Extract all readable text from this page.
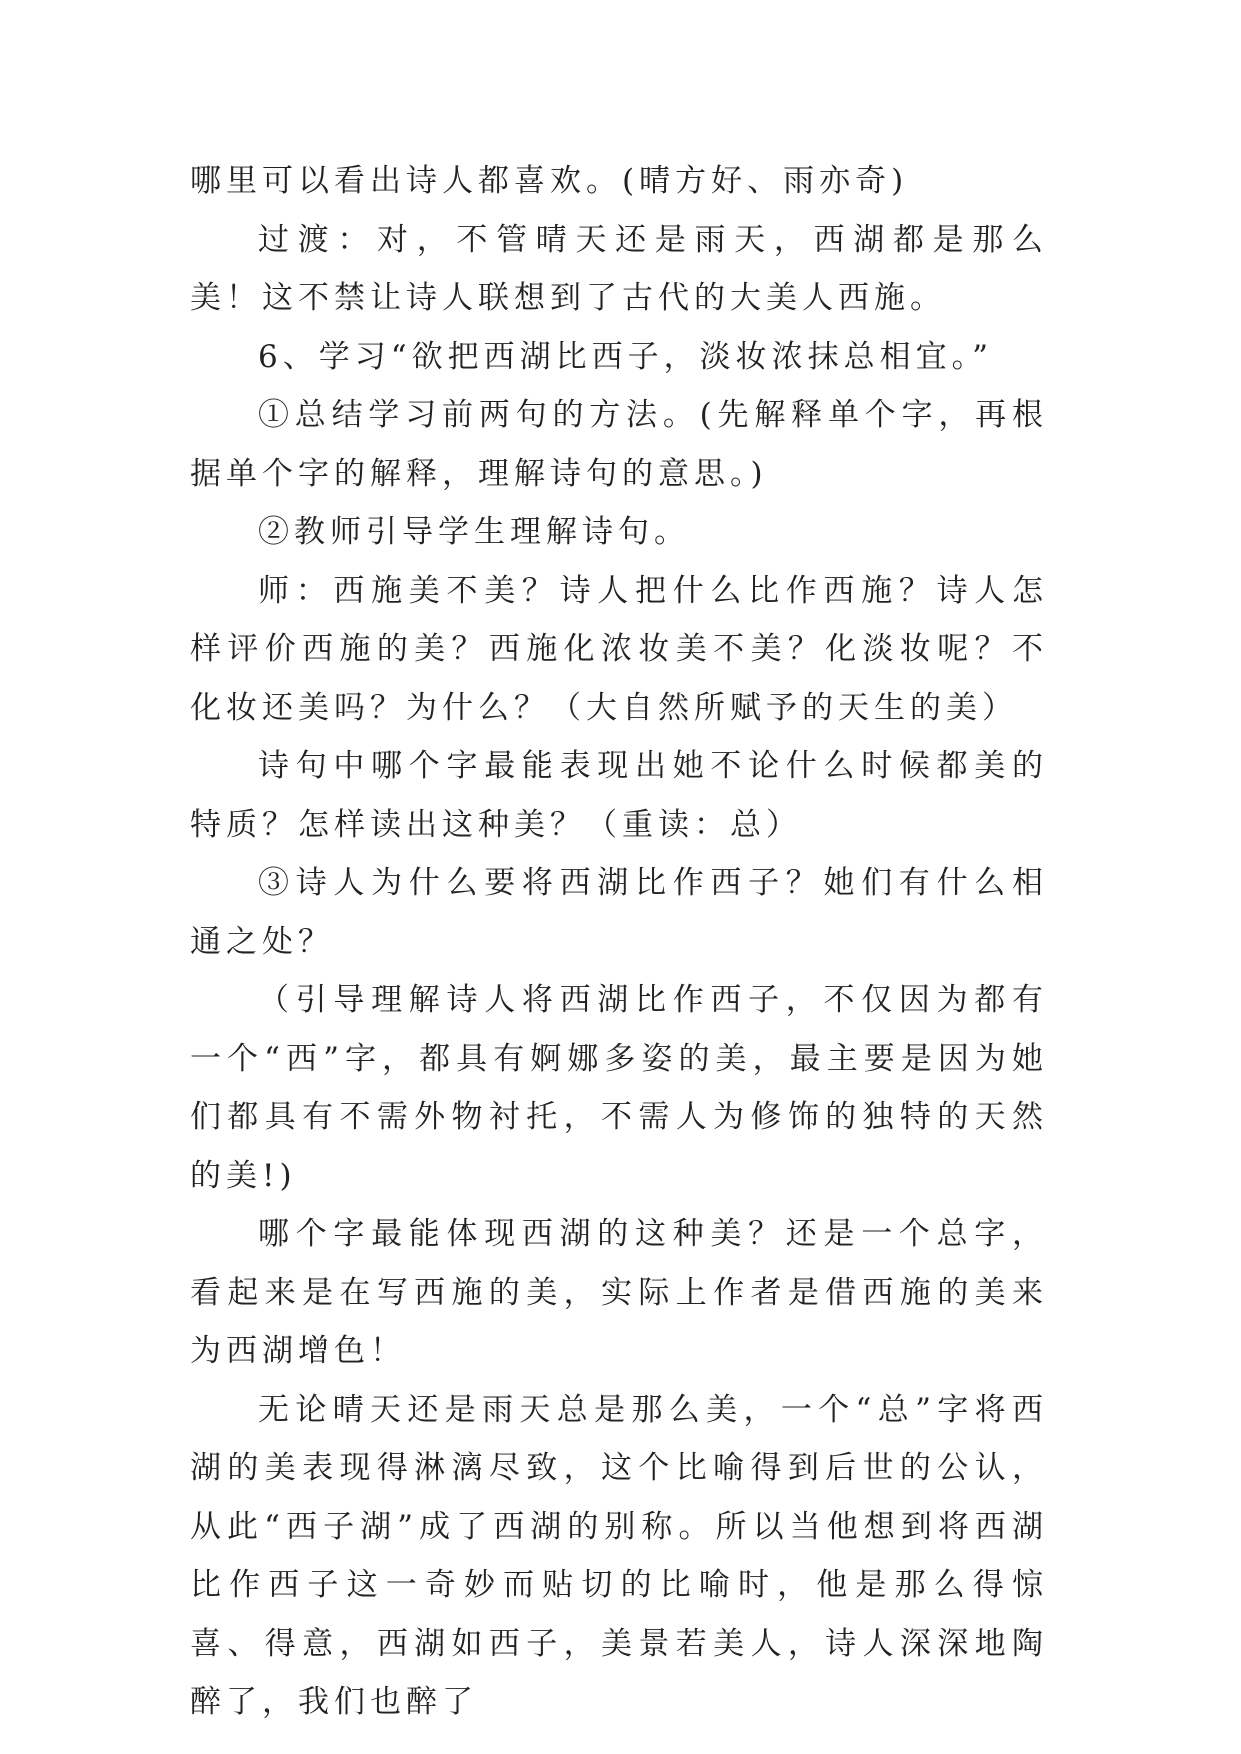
哪里可以看出诗人都喜欢。(晴方好、雨亦奇)

过渡：对，不管晴天还是雨天，西湖都是那么美！这不禁让诗人联想到了古代的大美人西施。

6、学习“欲把西湖比西子，淡妆浓抹总相宜。”

①总结学习前两句的方法。(先解释单个字，再根据单个字的解释，理解诗句的意思。)

②教师引导学生理解诗句。

师：西施美不美？诗人把什么比作西施？诗人怎样评价西施的美？西施化浓妆美不美？化淡妆呢？不化妆还美吗？为什么？（大自然所赋予的天生的美）

诗句中哪个字最能表现出她不论什么时候都美的特质？怎样读出这种美？（重读：总）

③诗人为什么要将西湖比作西子？她们有什么相通之处？

（引导理解诗人将西湖比作西子，不仅因为都有一个“西”字，都具有婀娜多姿的美，最主要是因为她们都具有不需外物衬托，不需人为修饰的独特的天然的美!)

哪个字最能体现西湖的这种美？还是一个总字，看起来是在写西施的美，实际上作者是借西施的美来为西湖增色！

无论晴天还是雨天总是那么美，一个“总”字将西湖的美表现得淋漓尽致，这个比喻得到后世的公认，从此“西子湖”成了西湖的别称。所以当他想到将西湖比作西子这一奇妙而贴切的比喻时，他是那么得惊喜、得意，西湖如西子，美景若美人，诗人深深地陶醉了，我们也醉了
